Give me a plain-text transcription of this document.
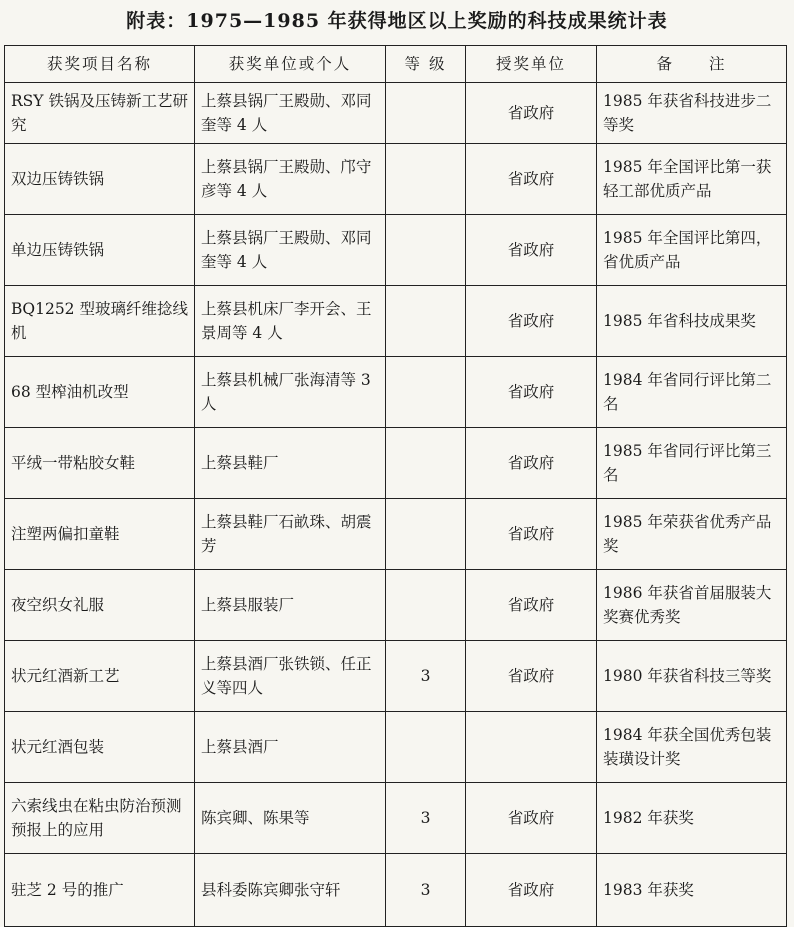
附表：1975—1985 年获得地区以上奖励的科技成果统计表
获奖项目名称	获奖单位或个人	等 级	授奖单位	备　　注
RSY 铁锅及压铸新工艺研究	上蔡县锅厂王殿勋、邓同奎等 4 人		省政府	1985 年获省科技进步二等奖
双边压铸铁锅	上蔡县锅厂王殿勋、邝守彦等 4 人		省政府	1985 年全国评比第一获轻工部优质产品
单边压铸铁锅	上蔡县锅厂王殿勋、邓同奎等 4 人		省政府	1985 年全国评比第四，省优质产品
BQ1252 型玻璃纤维捻线机	上蔡县机床厂李开会、王景周等 4 人		省政府	1985 年省科技成果奖
68 型榨油机改型	上蔡县机械厂张海清等 3 人		省政府	1984 年省同行评比第二名
平绒一带粘胶女鞋	上蔡县鞋厂		省政府	1985 年省同行评比第三名
注塑两偏扣童鞋	上蔡县鞋厂石畝珠、胡震芳		省政府	1985 年荣获省优秀产品奖
夜空织女礼服	上蔡县服装厂		省政府	1986 年获省首届服装大奖赛优秀奖
状元红酒新工艺	上蔡县酒厂张铁锁、任正义等四人	3	省政府	1980 年获省科技三等奖
状元红酒包装	上蔡县酒厂			1984 年获全国优秀包装装璜设计奖
六索线虫在粘虫防治预测预报上的应用	陈宾卿、陈果等	3	省政府	1982 年获奖
驻芝 2 号的推广	县科委陈宾卿张守轩	3	省政府	1983 年获奖
